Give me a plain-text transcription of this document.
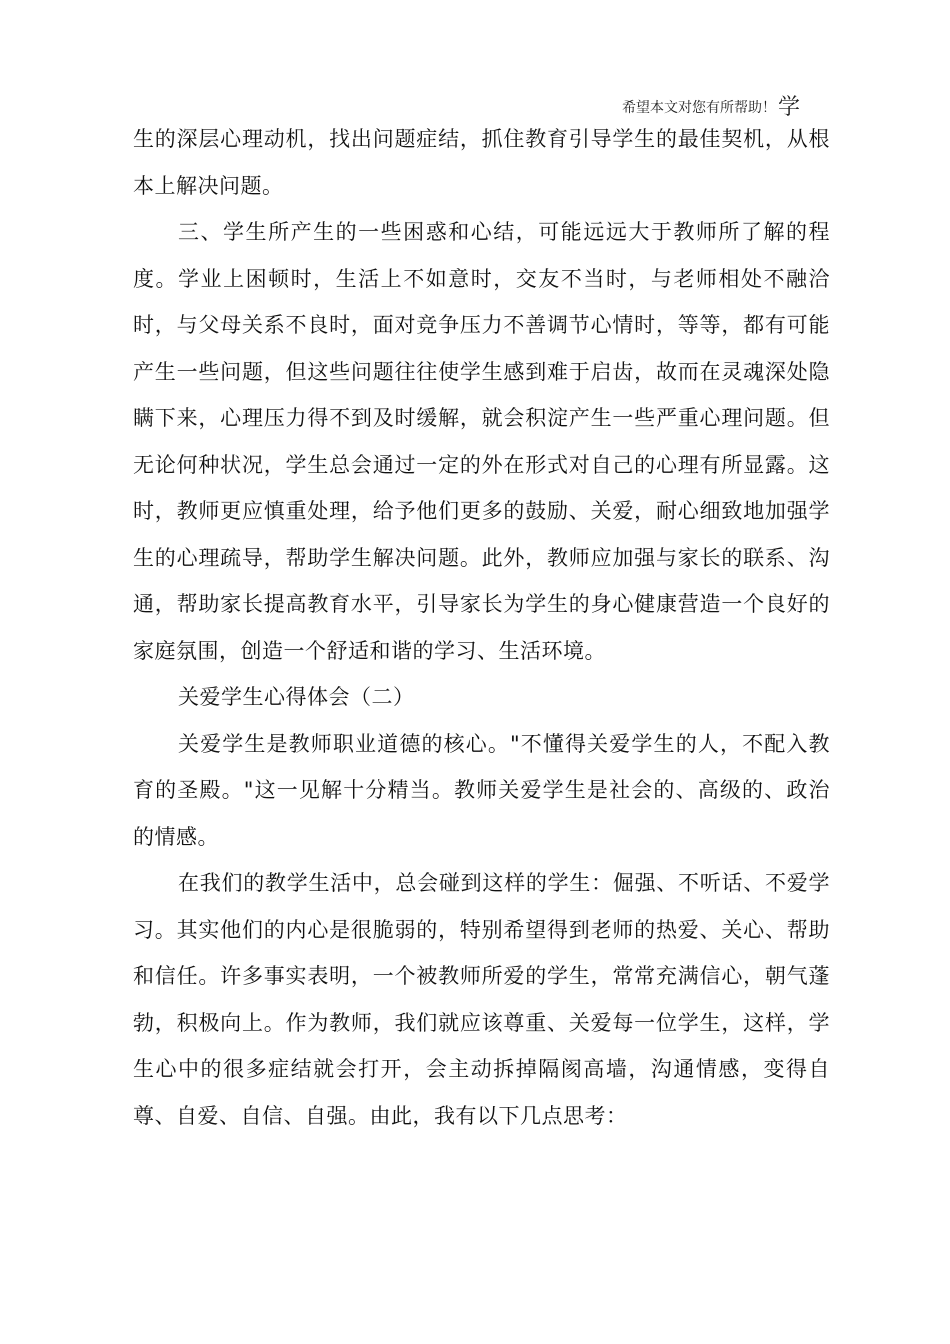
希望本文对您有所帮助！学

生的深层心理动机，找出问题症结，抓住教育引导学生的最佳契机，从根本上解决问题。

三、学生所产生的一些困惑和心结，可能远远大于教师所了解的程度。学业上困顿时，生活上不如意时，交友不当时，与老师相处不融洽时，与父母关系不良时，面对竞争压力不善调节心情时，等等，都有可能产生一些问题，但这些问题往往使学生感到难于启齿，故而在灵魂深处隐瞒下来，心理压力得不到及时缓解，就会积淀产生一些严重心理问题。但无论何种状况，学生总会通过一定的外在形式对自己的心理有所显露。这时，教师更应慎重处理，给予他们更多的鼓励、关爱，耐心细致地加强学生的心理疏导，帮助学生解决问题。此外，教师应加强与家长的联系、沟通，帮助家长提高教育水平，引导家长为学生的身心健康营造一个良好的家庭氛围，创造一个舒适和谐的学习、生活环境。

关爱学生心得体会（二）

关爱学生是教师职业道德的核心。"不懂得关爱学生的人，不配入教育的圣殿。"这一见解十分精当。教师关爱学生是社会的、高级的、政治的情感。

在我们的教学生活中，总会碰到这样的学生：倔强、不听话、不爱学习。其实他们的内心是很脆弱的，特别希望得到老师的热爱、关心、帮助和信任。许多事实表明，一个被教师所爱的学生，常常充满信心，朝气蓬勃，积极向上。作为教师，我们就应该尊重、关爱每一位学生，这样，学生心中的很多症结就会打开，会主动拆掉隔阂高墙，沟通情感，变得自尊、自爱、自信、自强。由此，我有以下几点思考：
